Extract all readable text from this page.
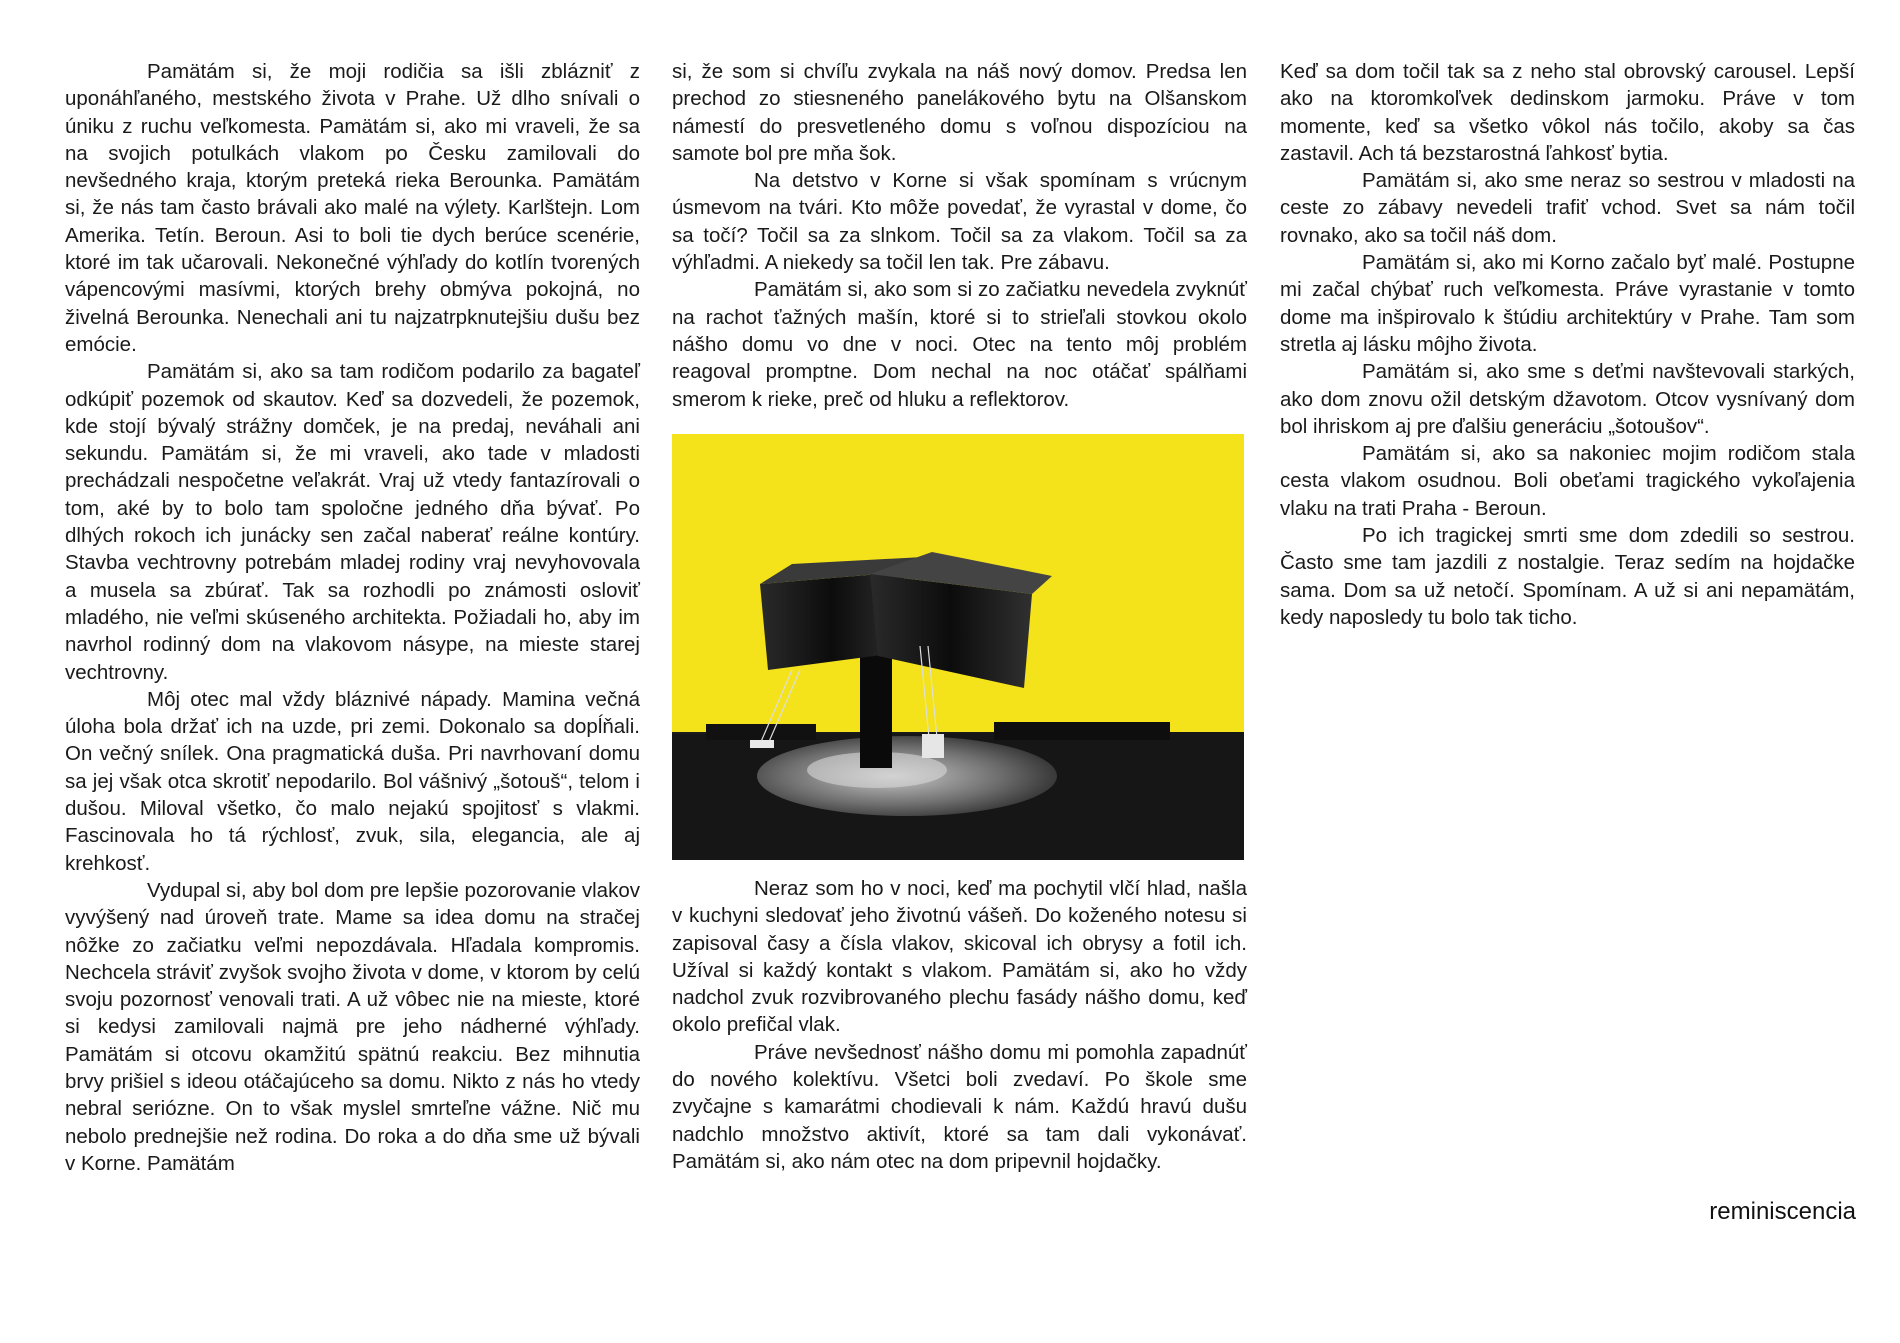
Pamätám si, že moji rodičia sa išli zblázniť z uponáhľaného, mestského života v Prahe. Už dlho snívali o úniku z ruchu veľkomesta. Pamätám si, ako mi vraveli, že sa na svojich potulkách vlakom po Česku zamilovali do nevšedného kraja, ktorým preteká rieka Berounka. Pamätám si, že nás tam často brávali ako malé na výlety. Karlštejn. Lom Amerika. Tetín. Beroun. Asi to boli tie dych berúce scenérie, ktoré im tak učarovali. Nekonečné výhľady do kotlín tvorených vápencovými masívmi, ktorých brehy obmýva pokojná, no živelná Berounka. Nenechali ani tu najzatrpknutejšiu dušu bez emócie.

Pamätám si, ako sa tam rodičom podarilo za bagateľ odkúpiť pozemok od skautov. Keď sa dozvedeli, že pozemok, kde stojí bývalý strážny domček, je na predaj, neváhali ani sekundu. Pamätám si, že mi vraveli, ako tade v mladosti prechádzali nespočetne veľakrát. Vraj už vtedy fantazírovali o tom, aké by to bolo tam spoločne jedného dňa bývať. Po dlhých rokoch ich junácky sen začal naberať reálne kontúry. Stavba vechtrovny potrebám mladej rodiny vraj nevyhovovala a musela sa zbúrať. Tak sa rozhodli po známosti osloviť mladého, nie veľmi skúseného architekta. Požiadali ho, aby im navrhol rodinný dom na vlakovom násype, na mieste starej vechtrovny.

Môj otec mal vždy bláznivé nápady. Mamina večná úloha bola držať ich na uzde, pri zemi. Dokonalo sa dopĺňali. On večný snílek. Ona pragmatická duša. Pri navrhovaní domu sa jej však otca skrotiť nepodarilo. Bol vášnivý „šotouš“, telom i dušou. Miloval všetko, čo malo nejakú spojitosť s vlakmi. Fascinovala ho tá rýchlosť, zvuk, sila, elegancia, ale aj krehkosť.

Vydupal si, aby bol dom pre lepšie pozorovanie vlakov vyvýšený nad úroveň trate. Mame sa idea domu na stračej nôžke zo začiatku veľmi nepozdávala. Hľadala kompromis. Nechcela stráviť zvyšok svojho života v dome, v ktorom by celú svoju pozornosť venovali trati. A už vôbec nie na mieste, ktoré si kedysi zamilovali najmä pre jeho nádherné výhľady. Pamätám si otcovu okamžitú spätnú reakciu. Bez mihnutia brvy prišiel s ideou otáčajúceho sa domu. Nikto z nás ho vtedy nebral seriózne. On to však myslel smrteľne vážne. Nič mu nebolo prednejšie než rodina. Do roka a do dňa sme už bývali v Korne. Pamätám

si, že som si chvíľu zvykala na náš nový domov. Predsa len prechod zo stiesneného panelákového bytu na Olšanskom námestí do presvetleného domu s voľnou dispozíciou na samote bol pre mňa šok.

Na detstvo v Korne si však spomínam s vrúcnym úsmevom na tvári. Kto môže povedať, že vyrastal v dome, čo sa točí? Točil sa za slnkom. Točil sa za vlakom. Točil sa za výhľadmi. A niekedy sa točil len tak. Pre zábavu.

Pamätám si, ako som si zo začiatku nevedela zvyknúť na rachot ťažných mašín, ktoré si to strieľali stovkou okolo nášho domu vo dne v noci. Otec na tento môj problém reagoval promptne. Dom nechal na noc otáčať spálňami smerom k rieke, preč od hluku a reflektorov.

Neraz som ho v noci, keď ma pochytil vlčí hlad, našla v kuchyni sledovať jeho životnú vášeň. Do koženého notesu si zapisoval časy a čísla vlakov, skicoval ich obrysy a fotil ich. Užíval si každý kontakt s vlakom. Pamätám si, ako ho vždy nadchol zvuk rozvibrovaného plechu fasády nášho domu, keď okolo prefičal vlak.

Práve nevšednosť nášho domu mi pomohla zapadnúť do nového kolektívu. Všetci boli zvedaví. Po škole sme zvyčajne s kamarátmi chodievali k nám. Každú hravú dušu nadchlo množstvo aktivít, ktoré sa tam dali vykonávať. Pamätám si, ako nám otec na dom pripevnil hojdačky.

Keď sa dom točil tak sa z neho stal obrovský carousel. Lepší ako na ktoromkoľvek dedinskom jarmoku. Práve v tom momente, keď sa všetko vôkol nás točilo, akoby sa čas zastavil. Ach tá bezstarostná ľahkosť bytia.

Pamätám si, ako sme neraz so sestrou v mladosti na ceste zo zábavy nevedeli trafiť vchod. Svet sa nám točil rovnako, ako sa točil náš dom.

Pamätám si, ako mi Korno začalo byť malé. Postupne mi začal chýbať ruch veľkomesta. Práve vyrastanie v tomto dome ma inšpirovalo k štúdiu architektúry v Prahe. Tam som stretla aj lásku môjho života.

Pamätám si, ako sme s deťmi navštevovali starkých, ako dom znovu ožil detským džavotom. Otcov vysnívaný dom bol ihriskom aj pre ďalšiu generáciu „šotoušov“.

Pamätám si, ako sa nakoniec mojim rodičom stala cesta vlakom osudnou. Boli obeťami tragického vykoľajenia vlaku na trati Praha - Beroun.

Po ich tragickej smrti sme dom zdedili so sestrou. Často sme tam jazdili z nostalgie. Teraz sedím na hojdačke sama. Dom sa už netočí. Spomínam. A už si ani nepamätám, kedy naposledy tu bolo tak ticho.

reminiscencia
